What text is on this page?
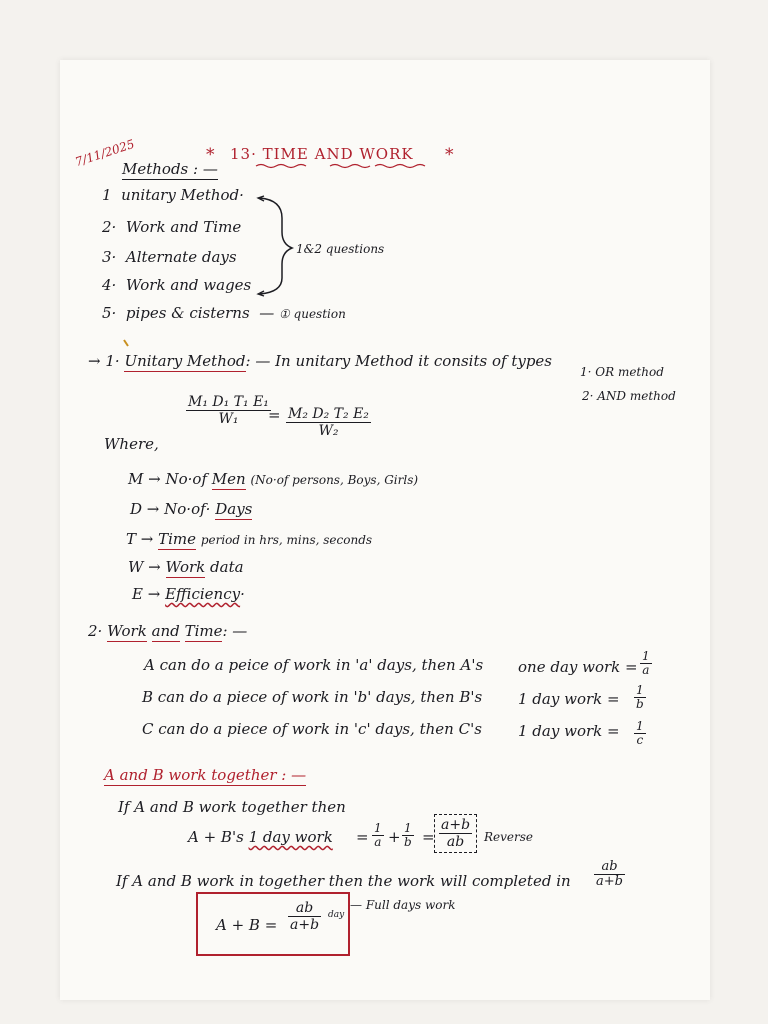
7/11/2025	* 13· TIME AND WORK *
Methods : —
1 unitary Method·
2· Work and Time
3· Alternate days
4· Work and wages
5· pipes & cisterns  — ① question
1&2 questions
→ 1· Unitary Method: — In unitary Method it consits of types
1· OR method
2· AND method
M₁ D₁ T₁ E₁
W₁ = M₂ D₂ T₂ E₂
W₂
Where,
M → No·of Men (No·of persons, Boys, Girls)
D → No·of· Days
T → Time period in hrs, mins, seconds
W → Work data
E → Efficiency·
2· Work and Time: —
A can do a peice of work in 'a' days, then A's one day work =
1
a
B can do a piece of work in 'b' days, then B's 1 day work = 1
b
C can do a piece of work in 'c' days, then C's 1 day work = 1
c
A and B work together : —
If A and B work together then
A + B's 1 day work = 1
a + 1
b =
a+b
ab Reverse
If A and B work in together then the work will completed in
ab
a+b
A + B =
ab
a+b
day
— Full days work
